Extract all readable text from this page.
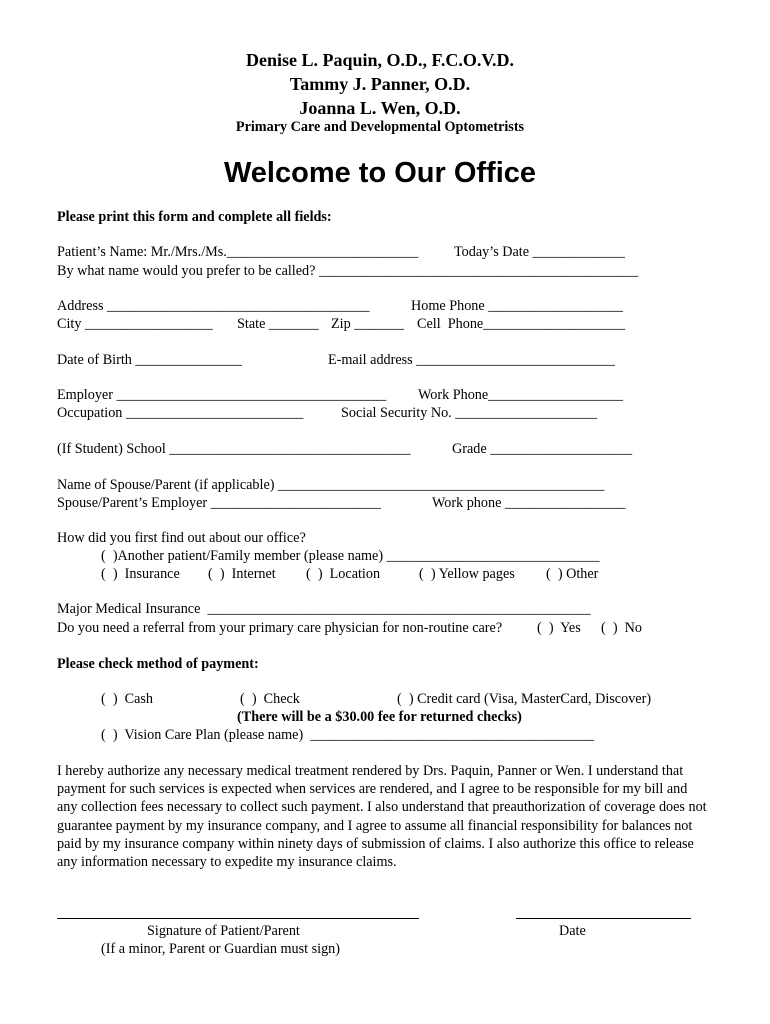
Denise L. Paquin, O.D., F.C.O.V.D.
Tammy J. Panner, O.D.
Joanna L. Wen, O.D.
Primary Care and Developmental Optometrists
Welcome to Our Office
Please print this form and complete all fields:
Patient’s Name: Mr./Mrs./Ms.___________________________	Today’s Date _____________
By what name would you prefer to be called? _____________________________________________
Address _____________________________________	Home Phone ___________________
City __________________ State _______ Zip _______ Cell  Phone____________________
Date of Birth _______________	E-mail address ____________________________
Employer ______________________________________ Work Phone___________________
Occupation _________________________	Social Security No. ____________________
(If Student) School __________________________________	Grade ____________________
Name of Spouse/Parent (if applicable) ______________________________________________
Spouse/Parent’s Employer ________________________	Work phone _________________
How did you first find out about our office?
(  )Another patient/Family member (please name) ______________________________
(  )  Insurance (  )  Internet (  )  Location	(  ) Yellow pages (  ) Other
Major Medical Insurance  ______________________________________________________
Do you need a referral from your primary care physician for non-routine care? (  )  Yes (  )  No
Please check method of payment:
(  )  Cash	(  )  Check	(  ) Credit card (Visa, MasterCard, Discover)
(There will be a $30.00 fee for returned checks)
(  )  Vision Care Plan (please name)  ________________________________________
I hereby authorize any necessary medical treatment rendered by Drs. Paquin, Panner or Wen. I understand that payment for such services is expected when services are rendered, and I agree to be responsible for my bill and any collection fees necessary to collect such payment. I also understand that preauthorization of coverage does not guarantee payment by my insurance company, and I agree to assume all financial responsibility for balances not paid by my insurance company within ninety days of submission of claims. I also authorize this office to release any information necessary to expedite my insurance claims.
Signature of Patient/Parent	Date
(If a minor, Parent or Guardian must sign)
